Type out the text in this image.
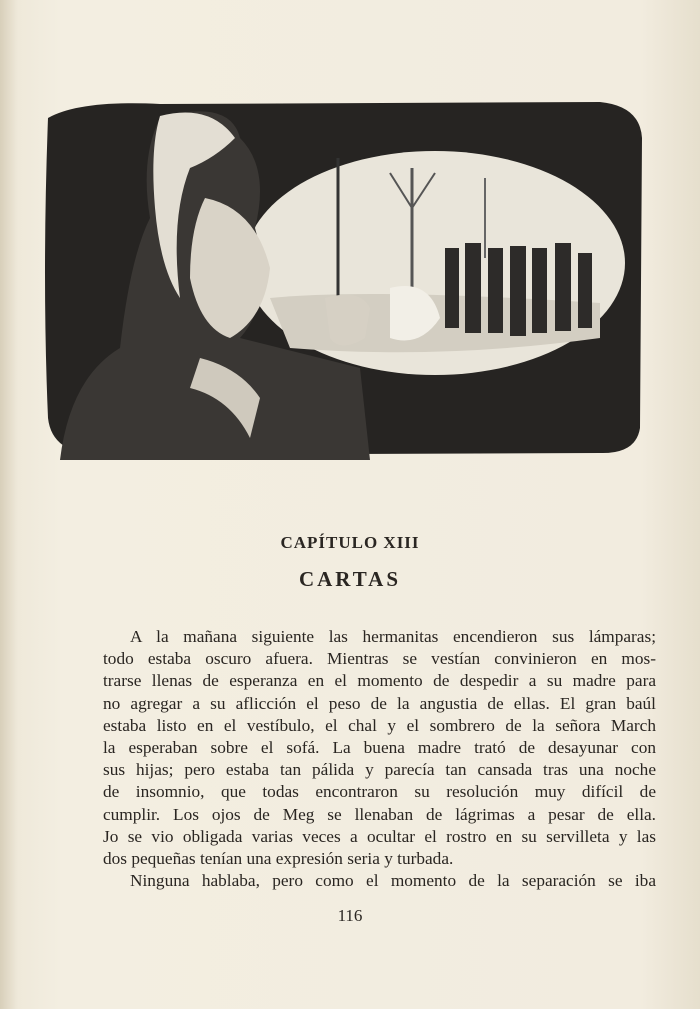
CAPÍTULO XIII
CARTAS
A la mañana siguiente las hermanitas encendieron sus lámparas;
todo estaba oscuro afuera. Mientras se vestían convinieron en mos-
trarse llenas de esperanza en el momento de despedir a su madre para
no agregar a su aflicción el peso de la angustia de ellas. El gran baúl
estaba listo en el vestíbulo, el chal y el sombrero de la señora March
la esperaban sobre el sofá. La buena madre trató de desayunar con
sus hijas; pero estaba tan pálida y parecía tan cansada tras una noche
de insomnio, que todas encontraron su resolución muy difícil de
cumplir. Los ojos de Meg se llenaban de lágrimas a pesar de ella.
Jo se vio obligada varias veces a ocultar el rostro en su servilleta y las
dos pequeñas tenían una expresión seria y turbada.
Ninguna hablaba, pero como el momento de la separación se iba
116
